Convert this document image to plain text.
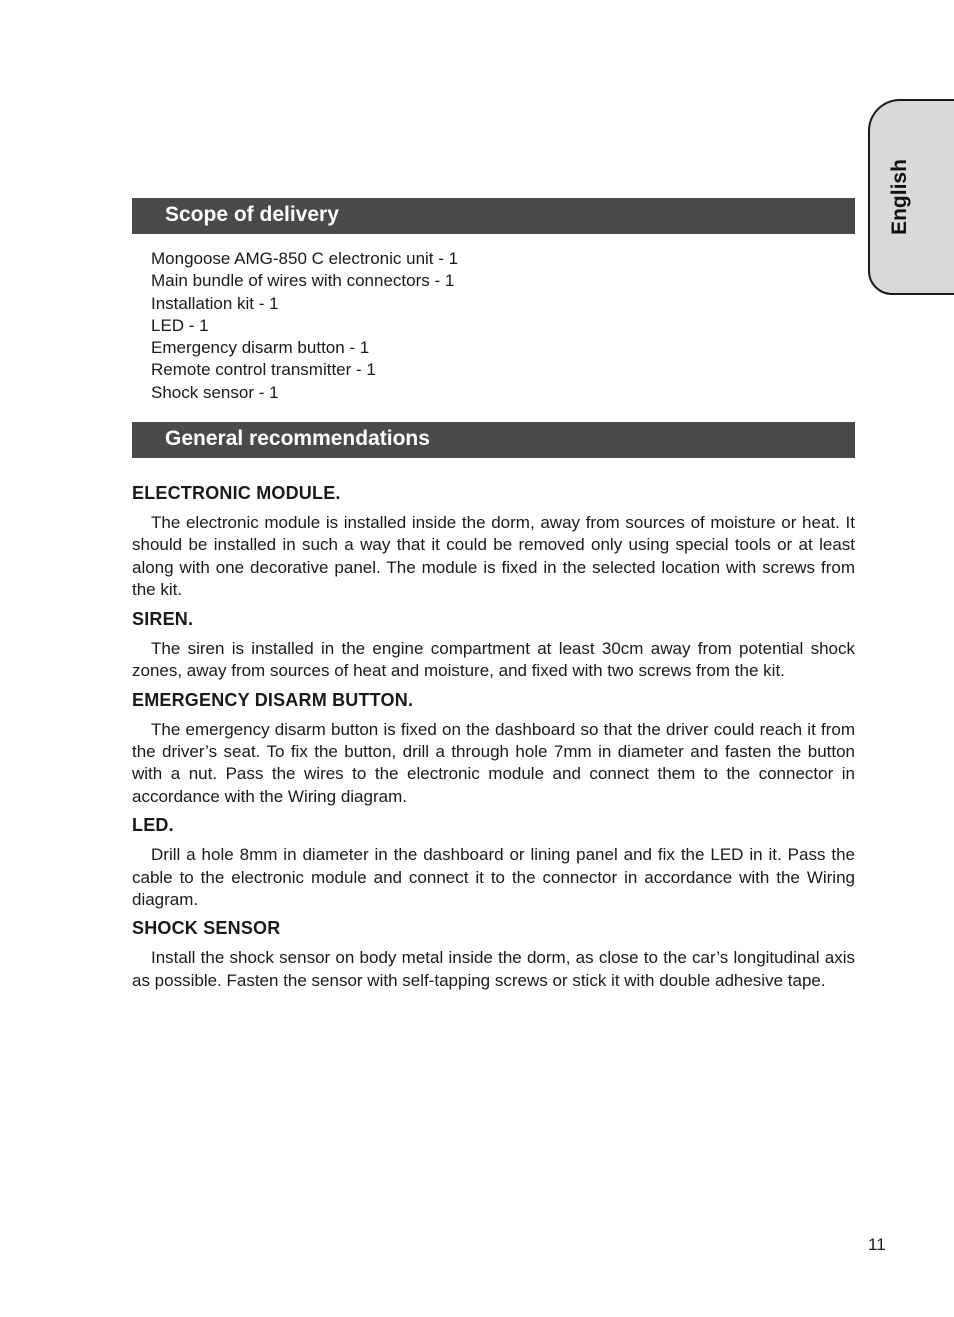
English
Scope of delivery
Mongoose AMG-850 C electronic unit - 1
Main bundle of wires with connectors - 1
Installation kit - 1
LED - 1
Emergency disarm button - 1
Remote control transmitter - 1
Shock sensor - 1
General recommendations
ELECTRONIC MODULE.

The electronic module is installed inside the dorm, away from sources of moisture or heat. It should be installed in such a way that it could be removed only using special tools or at least along with one decorative panel. The module is fixed in the selected location with screws from the kit.

SIREN.

The siren is installed in the engine compartment at least 30cm away from potential shock zones, away from sources of heat and moisture, and fixed with two screws from the kit.

EMERGENCY DISARM BUTTON.

The emergency disarm button is fixed on the dashboard so that the driver could reach it from the driver’s seat. To fix the button, drill a through hole 7mm in diameter and fasten the button with a nut. Pass the wires to the electronic module and connect them to the connector in accordance with the Wiring diagram.

LED.

Drill a hole 8mm in diameter in the dashboard or lining panel and fix the LED in it. Pass the cable to the electronic module and connect it to the connector in accordance with the Wiring diagram.

SHOCK SENSOR

Install the shock sensor on body metal inside the dorm, as close to the car’s longitudinal axis as possible. Fasten the sensor with self-tapping screws or stick it with double adhesive tape.

11
